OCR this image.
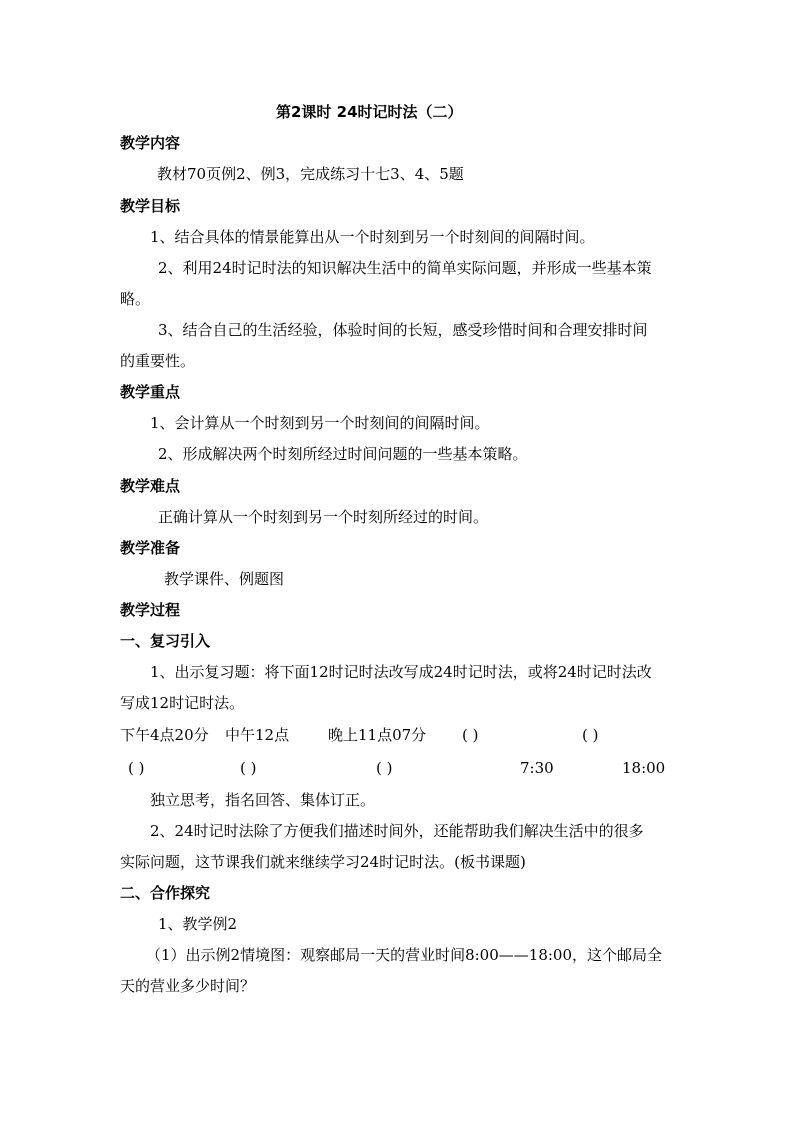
第2课时 24时记时法（二）
教学内容
教材70页例2、例3，完成练习十七3、4、5题
教学目标
1、结合具体的情景能算出从一个时刻到另一个时刻间的间隔时间。
2、利用24时记时法的知识解决生活中的简单实际问题，并形成一些基本策
略。
3、结合自己的生活经验，体验时间的长短，感受珍惜时间和合理安排时间
的重要性。
教学重点
1、会计算从一个时刻到另一个时刻间的间隔时间。
2、形成解决两个时刻所经过时间问题的一些基本策略。
教学难点
正确计算从一个时刻到另一个时刻所经过的时间。
教学准备
教学课件、例题图
教学过程
一、复习引入
1、出示复习题：将下面12时记时法改写成24时记时法，或将24时记时法改
写成12时记时法。
下午4点20分 中午12点	晚上11点07分 ( )	( )
( )	( )	( )	7:30	18:00
独立思考，指名回答、集体订正。
2、24时记时法除了方便我们描述时间外，还能帮助我们解决生活中的很多
实际问题，这节课我们就来继续学习24时记时法。(板书课题)
二、合作探究
1、教学例2
（1）出示例2情境图：观察邮局一天的营业时间8:00——18:00，这个邮局全
天的营业多少时间？
